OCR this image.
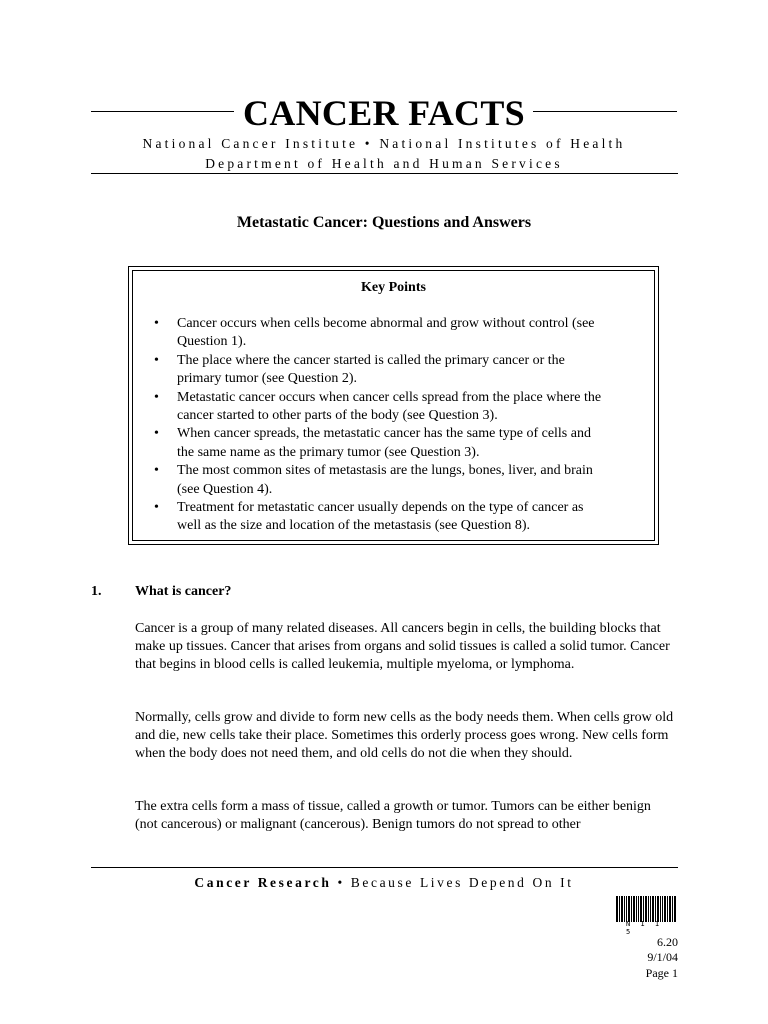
CANCER FACTS
National Cancer Institute • National Institutes of Health
Department of Health and Human Services
Metastatic Cancer: Questions and Answers
Key Points
• Cancer occurs when cells become abnormal and grow without control (see Question 1).
• The place where the cancer started is called the primary cancer or the primary tumor (see Question 2).
• Metastatic cancer occurs when cancer cells spread from the place where the cancer started to other parts of the body (see Question 3).
• When cancer spreads, the metastatic cancer has the same type of cells and the same name as the primary tumor (see Question 3).
• The most common sites of metastasis are the lungs, bones, liver, and brain (see Question 4).
• Treatment for metastatic cancer usually depends on the type of cancer as well as the size and location of the metastasis (see Question 8).
1. What is cancer?

Cancer is a group of many related diseases. All cancers begin in cells, the building blocks that make up tissues. Cancer that arises from organs and solid tissues is called a solid tumor. Cancer that begins in blood cells is called leukemia, multiple myeloma, or lymphoma.

Normally, cells grow and divide to form new cells as the body needs them. When cells grow old and die, new cells take their place. Sometimes this orderly process goes wrong. New cells form when the body does not need them, and old cells do not die when they should.

The extra cells form a mass of tissue, called a growth or tumor. Tumors can be either benign (not cancerous) or malignant (cancerous). Benign tumors do not spread to other

Cancer Research • Because Lives Depend On It
N 1 1 5
6.20
9/1/04
Page 1
